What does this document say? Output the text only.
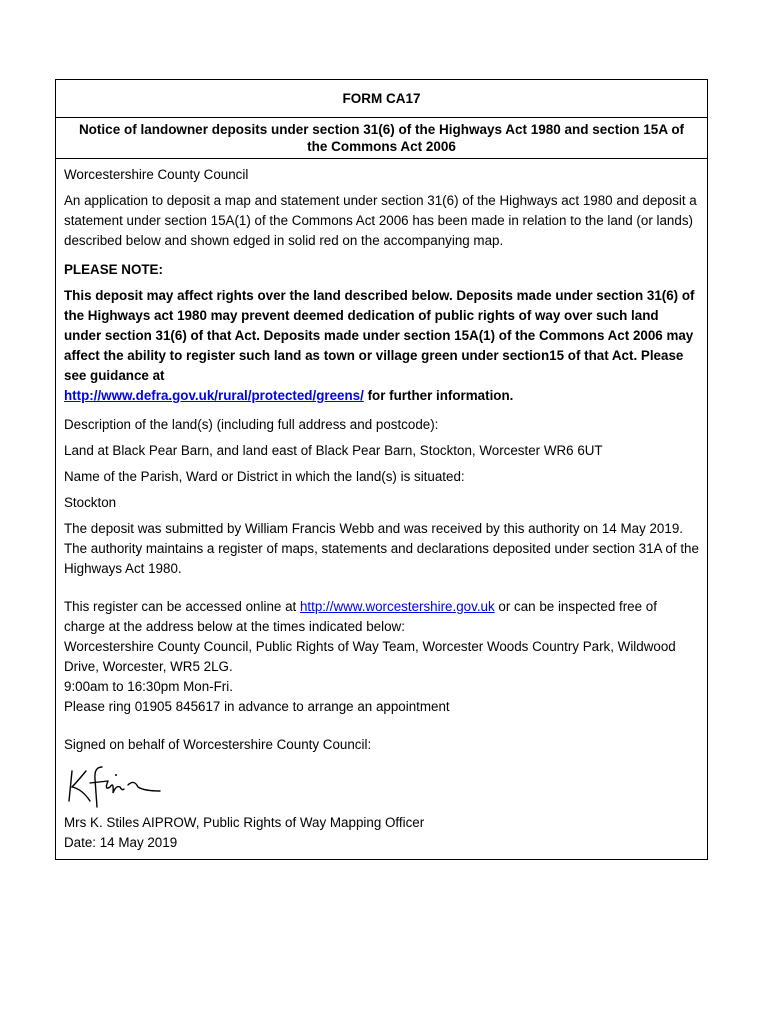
FORM CA17
Notice of landowner deposits under section 31(6) of the Highways Act 1980 and section 15A of the Commons Act 2006

Worcestershire County Council

An application to deposit a map and statement under section 31(6) of the Highways act 1980 and deposit a statement under section 15A(1) of the Commons Act 2006 has been made in relation to the land (or lands) described below and shown edged in solid red on the accompanying map.

PLEASE NOTE:

This deposit may affect rights over the land described below. Deposits made under section 31(6) of the Highways act 1980 may prevent deemed dedication of public rights of way over such land under section 31(6) of that Act. Deposits made under section 15A(1) of the Commons Act 2006 may affect the ability to register such land as town or village green under section15 of that Act. Please see guidance at
http://www.defra.gov.uk/rural/protected/greens/ for further information.

Description of the land(s) (including full address and postcode):

Land at Black Pear Barn, and land east of Black Pear Barn, Stockton, Worcester WR6 6UT

Name of the Parish, Ward or District in which the land(s) is situated:

Stockton

The deposit was submitted by William Francis Webb and was received by this authority on 14 May 2019.

The authority maintains a register of maps, statements and declarations deposited under section 31A of the Highways Act 1980.

This register can be accessed online at http://www.worcestershire.gov.uk or can be inspected free of charge at the address below at the times indicated below:

Worcestershire County Council, Public Rights of Way Team, Worcester Woods Country Park, Wildwood Drive, Worcester, WR5 2LG.

9:00am to 16:30pm Mon-Fri.

Please ring 01905 845617 in advance to arrange an appointment

Signed on behalf of Worcestershire County Council:

Mrs K. Stiles AIPROW, Public Rights of Way Mapping Officer

Date: 14 May 2019
